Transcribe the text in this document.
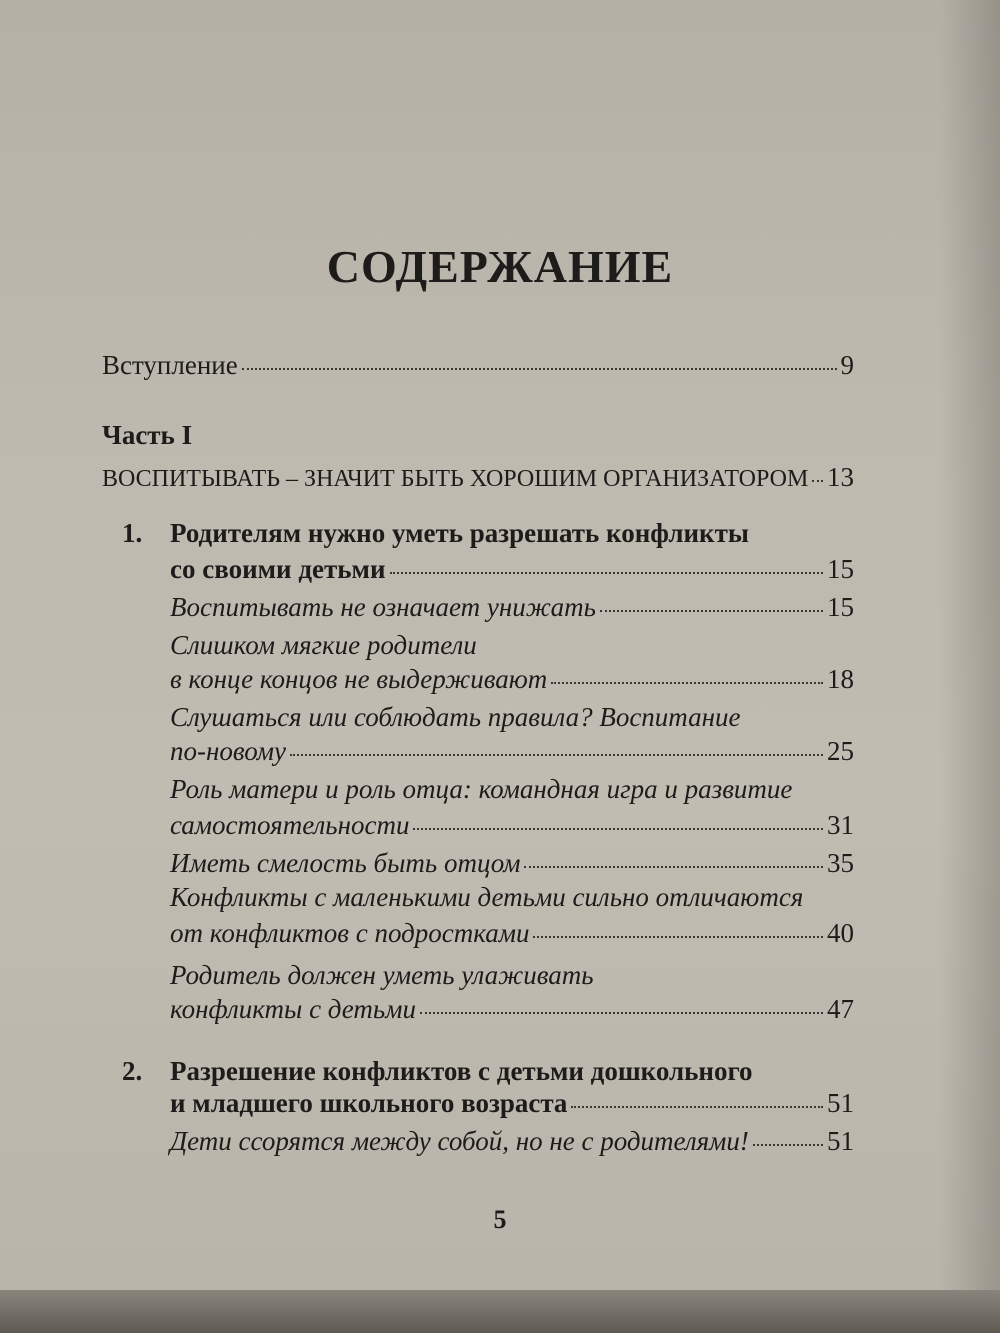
СОДЕРЖАНИЕ
Вступление	9
Часть I
ВОСПИТЫВАТЬ – ЗНАЧИТ БЫТЬ ХОРОШИМ ОРГАНИЗАТОРОМ 13
1. Родителям нужно уметь разрешать конфликты
со своими детьми	15
Воспитывать не означает унижать	15
Слишком мягкие родители
в конце концов не выдерживают	18
Слушаться или соблюдать правила? Воспитание
по-новому	25
Роль матери и роль отца: командная игра и развитие
самостоятельности	31
Иметь смелость быть отцом	35
Конфликты с маленькими детьми сильно отличаются
от конфликтов с подростками	40
Родитель должен уметь улаживать
конфликты с детьми	47
2. Разрешение конфликтов с детьми дошкольного
и младшего школьного возраста	51
Дети ссорятся между собой, но не с родителями!	51
5
